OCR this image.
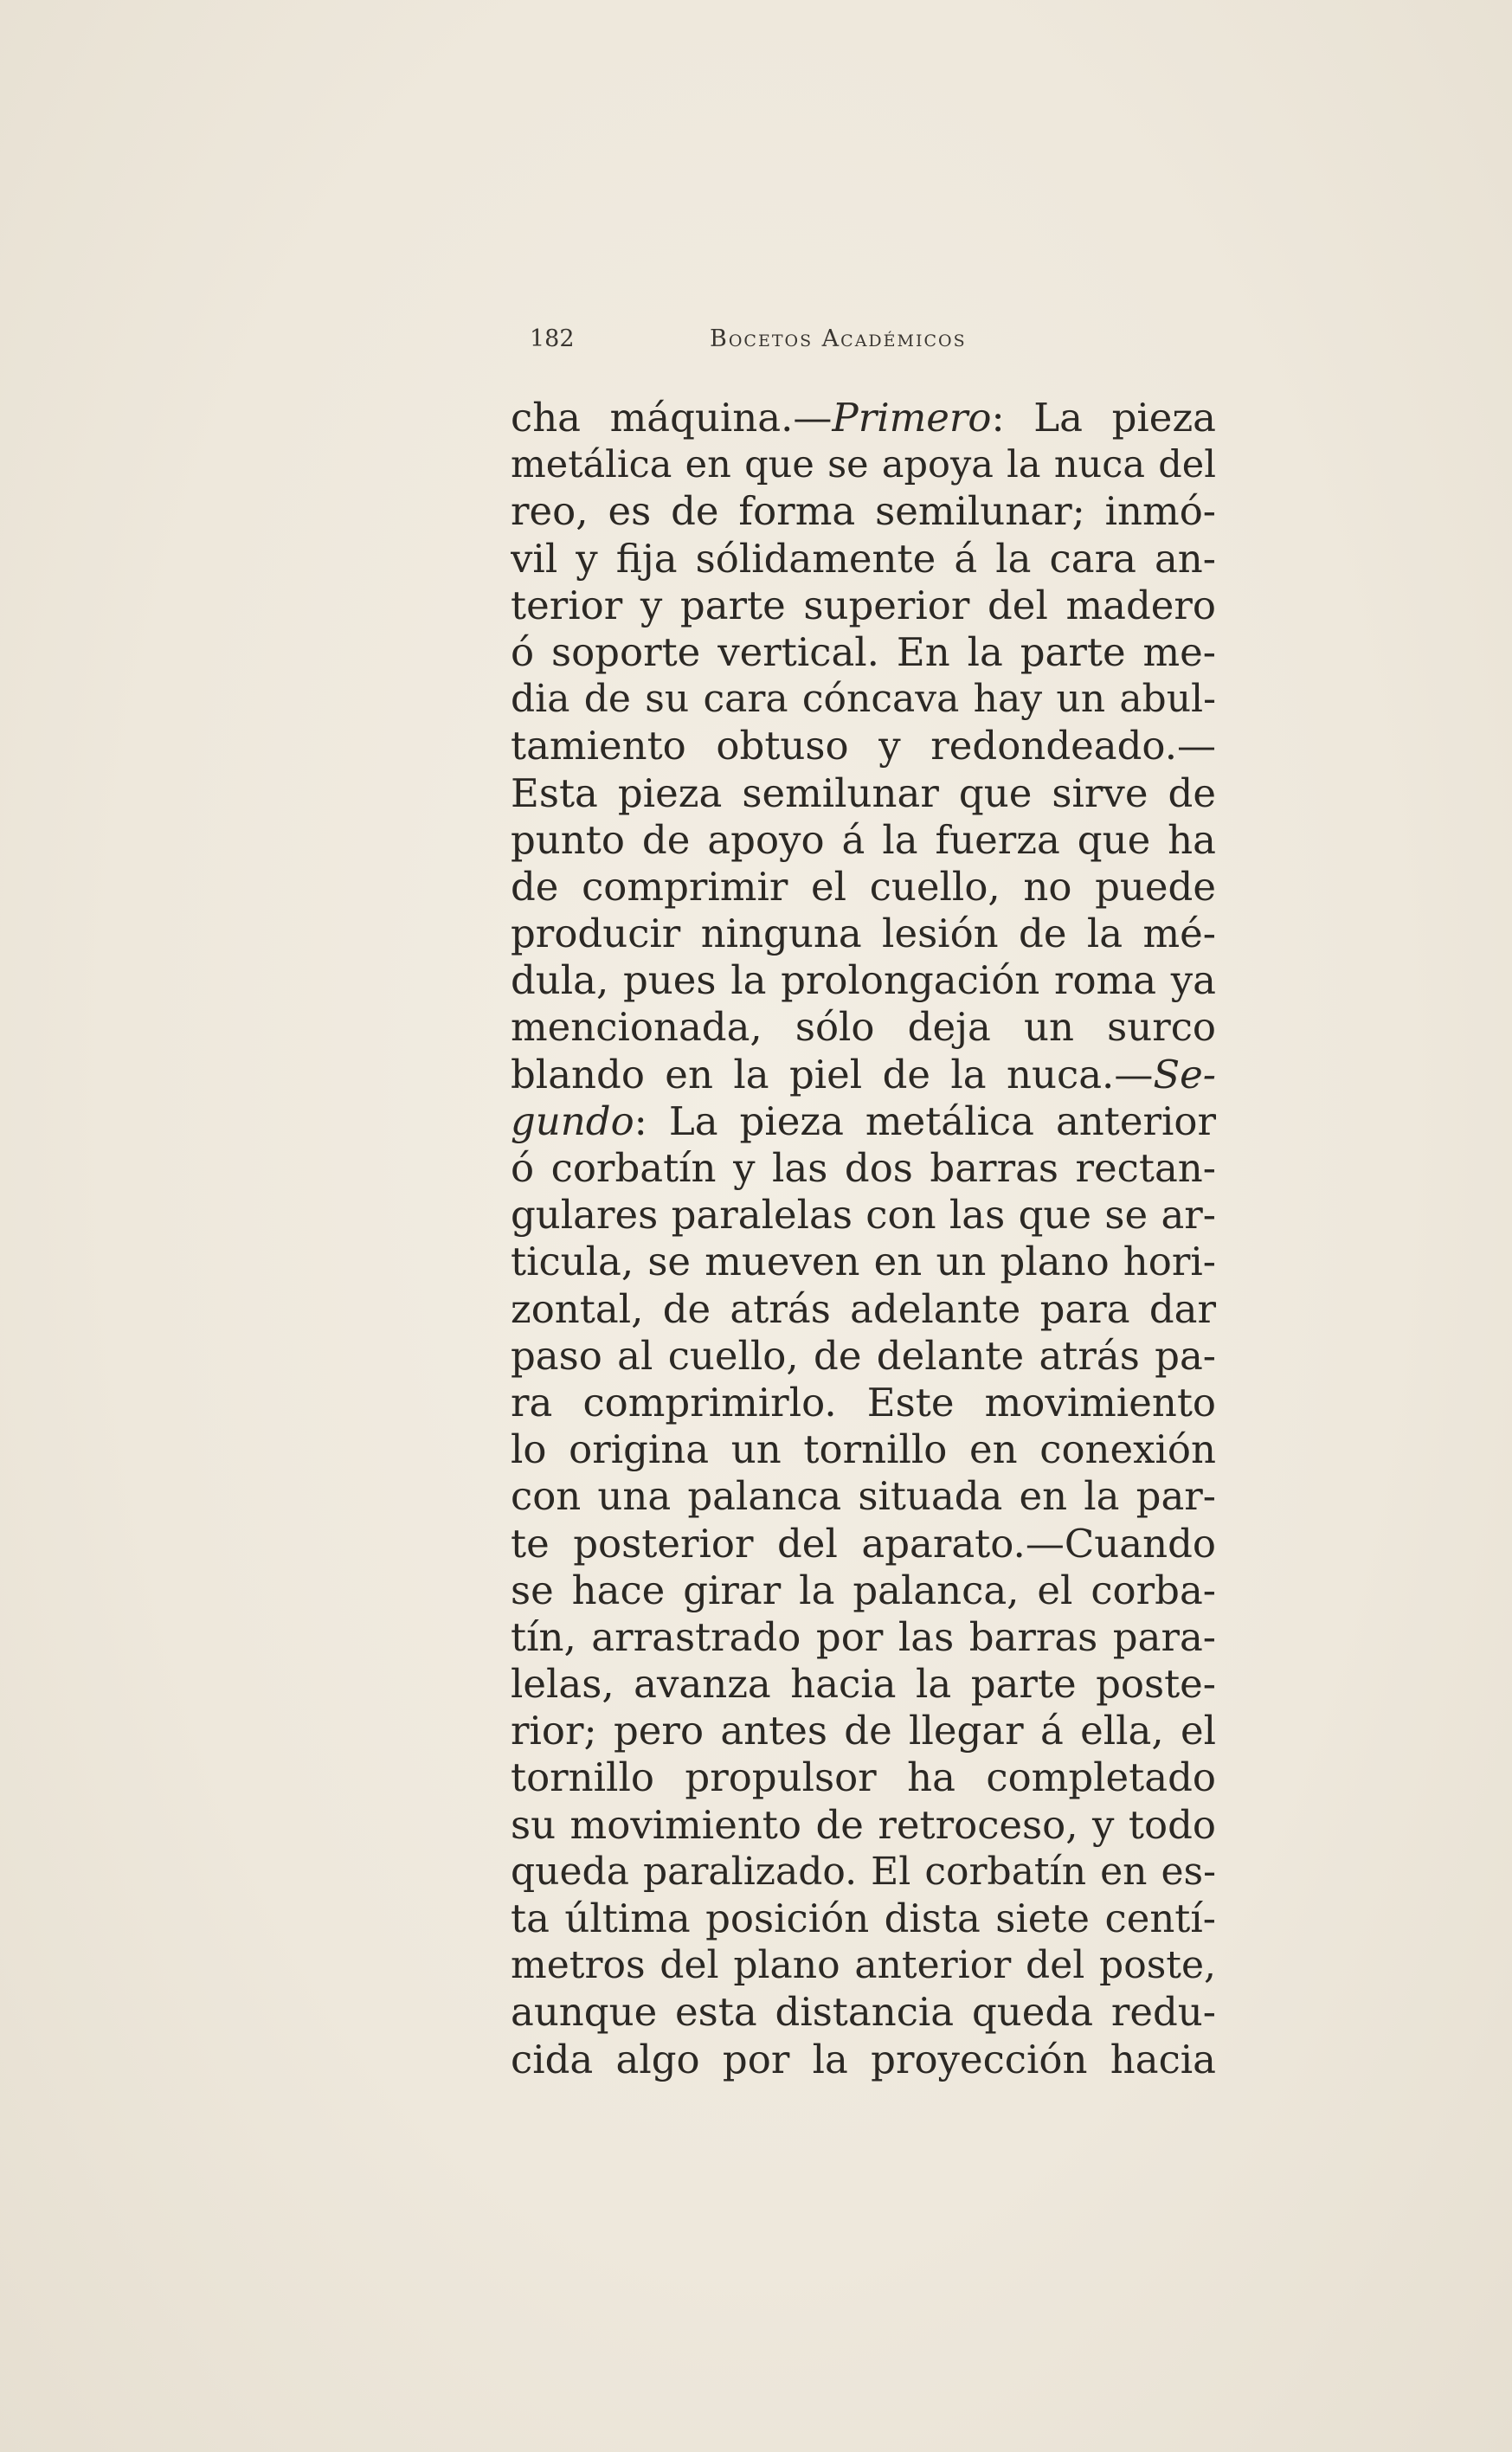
182	Bocetos Académicos
cha máquina.—Primero: La pieza
metálica en que se apoya la nuca del
reo, es de forma semilunar; inmó-
vil y fija sólidamente á la cara an-
terior y parte superior del madero
ó soporte vertical. En la parte me-
dia de su cara cóncava hay un abul-
tamiento obtuso y redondeado.—
Esta pieza semilunar que sirve de
punto de apoyo á la fuerza que ha
de comprimir el cuello, no puede
producir ninguna lesión de la mé-
dula, pues la prolongación roma ya
mencionada, sólo deja un surco
blando en la piel de la nuca.—Se-
gundo: La pieza metálica anterior
ó corbatín y las dos barras rectan-
gulares paralelas con las que se ar-
ticula, se mueven en un plano hori-
zontal, de atrás adelante para dar
paso al cuello, de delante atrás pa-
ra comprimirlo. Este movimiento
lo origina un tornillo en conexión
con una palanca situada en la par-
te posterior del aparato.—Cuando
se hace girar la palanca, el corba-
tín, arrastrado por las barras para-
lelas, avanza hacia la parte poste-
rior; pero antes de llegar á ella, el
tornillo propulsor ha completado
su movimiento de retroceso, y todo
queda paralizado. El corbatín en es-
ta última posición dista siete centí-
metros del plano anterior del poste,
aunque esta distancia queda redu-
cida algo por la proyección hacia
